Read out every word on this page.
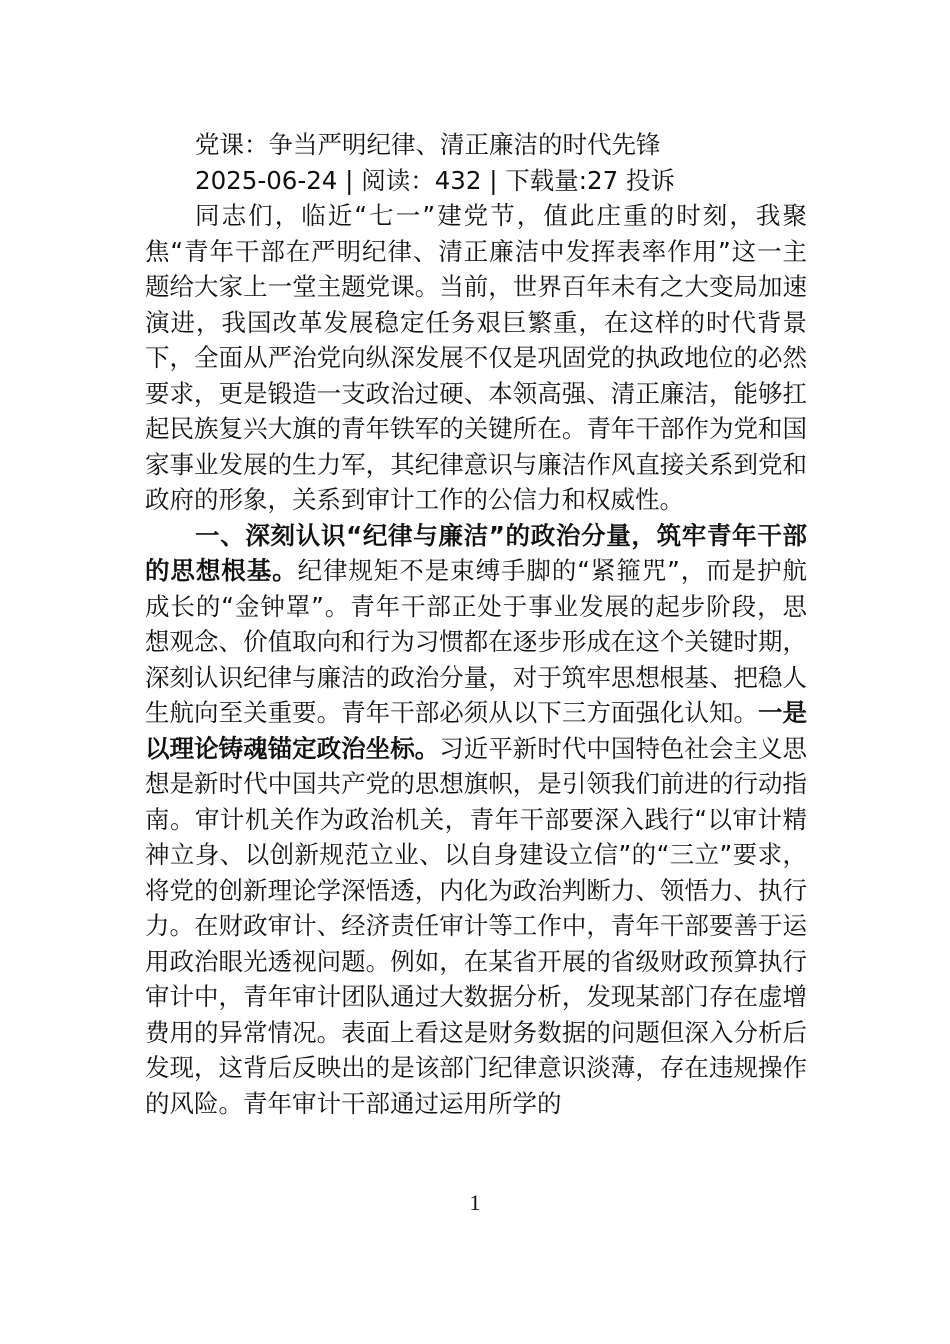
党课：争当严明纪律、清正廉洁的时代先锋

2025-06-24 | 阅读：432 | 下载量:27 投诉

同志们，临近“七一”建党节，值此庄重的时刻，我聚焦“青年干部在严明纪律、清正廉洁中发挥表率作用”这一主题给大家上一堂主题党课。当前，世界百年未有之大变局加速演进，我国改革发展稳定任务艰巨繁重，在这样的时代背景下，全面从严治党向纵深发展不仅是巩固党的执政地位的必然要求，更是锻造一支政治过硬、本领高强、清正廉洁，能够扛起民族复兴大旗的青年铁军的关键所在。青年干部作为党和国家事业发展的生力军，其纪律意识与廉洁作风直接关系到党和政府的形象，关系到审计工作的公信力和权威性。

一、深刻认识“纪律与廉洁”的政治分量，筑牢青年干部的思想根基。纪律规矩不是束缚手脚的“紧箍咒”，而是护航成长的“金钟罩”。青年干部正处于事业发展的起步阶段，思想观念、价值取向和行为习惯都在逐步形成在这个关键时期，深刻认识纪律与廉洁的政治分量，对于筑牢思想根基、把稳人生航向至关重要。青年干部必须从以下三方面强化认知。一是以理论铸魂锚定政治坐标。习近平新时代中国特色社会主义思想是新时代中国共产党的思想旗帜，是引领我们前进的行动指南。审计机关作为政治机关，青年干部要深入践行“以审计精神立身、以创新规范立业、以自身建设立信”的“三立”要求，将党的创新理论学深悟透，内化为政治判断力、领悟力、执行力。在财政审计、经济责任审计等工作中，青年干部要善于运用政治眼光透视问题。例如，在某省开展的省级财政预算执行审计中，青年审计团队通过大数据分析，发现某部门存在虚增费用的异常情况。表面上看这是财务数据的问题但深入分析后发现，这背后反映出的是该部门纪律意识淡薄，存在违规操作的风险。青年审计干部通过运用所学的

1
